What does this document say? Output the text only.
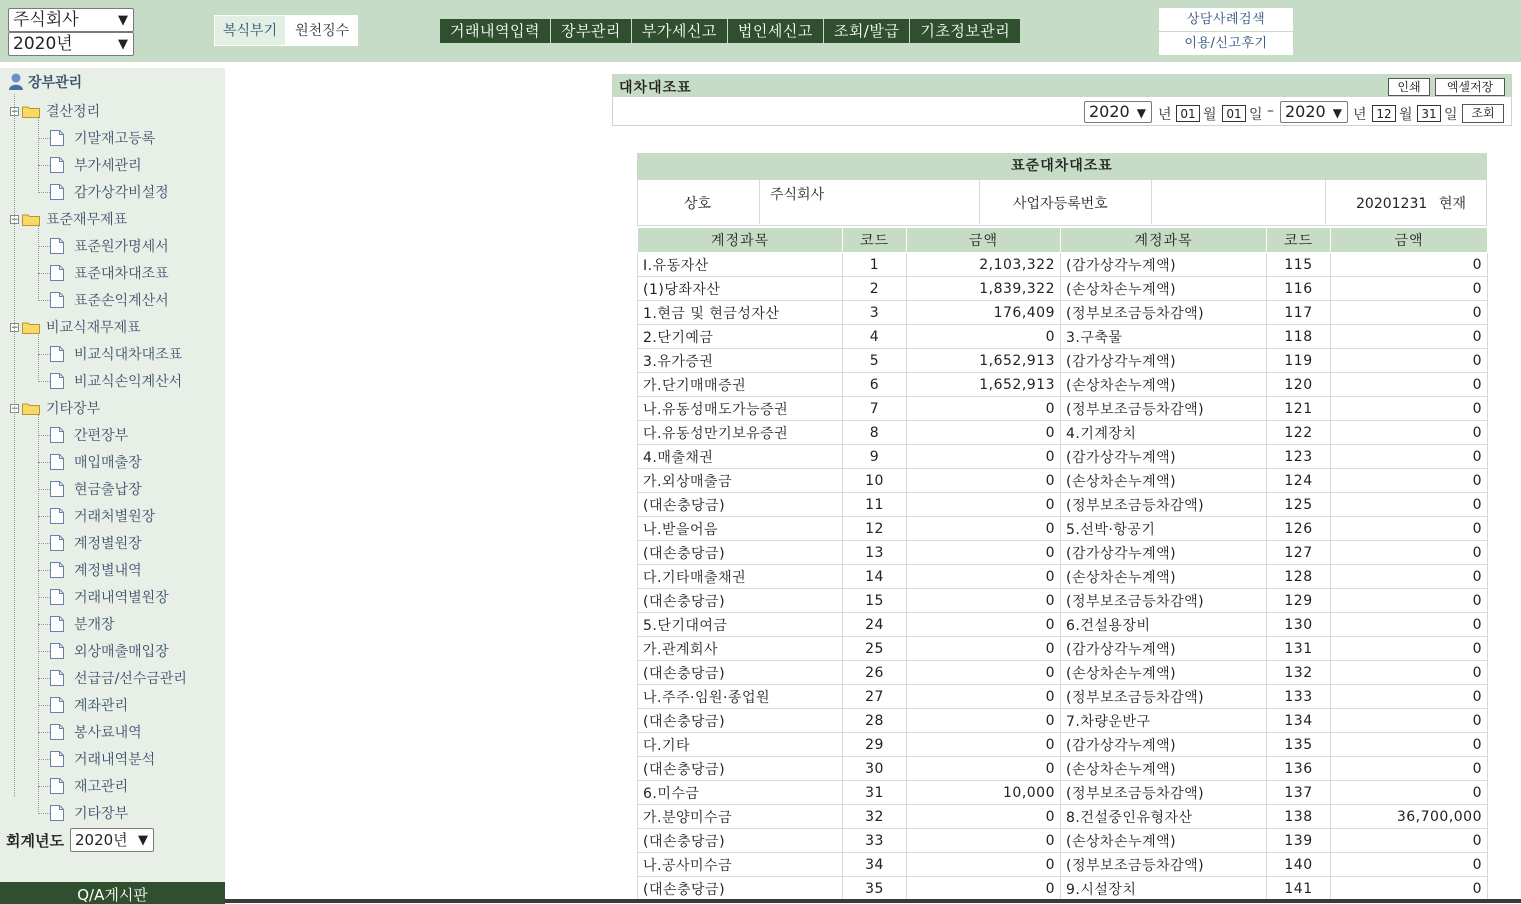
주식회사	▼
2020년	▼
복식부기	원천징수	거래내역입력	장부관리	부가세신고	법인세신고	조회/발급	기초정보관리
상담사례검색
이용/신고후기
장부관리
− 결산정리
기말재고등록
부가세관리
감가상각비설정
− 표준재무제표
표준원가명세서
표준대차대조표
표준손익계산서
− 비교식재무제표
비교식대차대조표
비교식손익계산서
− 기타장부
간편장부
매입매출장
현금출납장
거래처별원장
계정별원장
계정별내역
거래내역별원장
분개장
외상매출매입장
선급금/선수금관리
계좌관리
봉사료내역
거래내역분석
재고관리
기타장부
회계년도 2020년 ▼
Q/A게시판
대차대조표	인쇄	엑셀저장
2020 ▼ 년 01 월 01 일 – 2020 ▼ 년 12 월 31 일	조회
표준대차대조표
상호
주식회사
사업자등록번호	20201231 현재
계정과목	코드	금액	계정과목	코드	금액
Ⅰ.유동자산	1	2,103,322	(감가상각누계액)	115	0
(1)당좌자산	2	1,839,322	(손상차손누계액)	116	0
1.현금 및 현금성자산	3	176,409	(정부보조금등차감액)	117	0
2.단기예금	4	0	3.구축물	118	0
3.유가증권	5	1,652,913	(감가상각누계액)	119	0
가.단기매매증권	6	1,652,913	(손상차손누계액)	120	0
나.유동성매도가능증권	7	0	(정부보조금등차감액)	121	0
다.유동성만기보유증권	8	0	4.기계장치	122	0
4.매출채권	9	0	(감가상각누계액)	123	0
가.외상매출금	10	0	(손상차손누계액)	124	0
(대손충당금)	11	0	(정부보조금등차감액)	125	0
나.받을어음	12	0	5.선박·항공기	126	0
(대손충당금)	13	0	(감가상각누계액)	127	0
다.기타매출채권	14	0	(손상차손누계액)	128	0
(대손충당금)	15	0	(정부보조금등차감액)	129	0
5.단기대여금	24	0	6.건설용장비	130	0
가.관계회사	25	0	(감가상각누계액)	131	0
(대손충당금)	26	0	(손상차손누계액)	132	0
나.주주·임원·종업원	27	0	(정부보조금등차감액)	133	0
(대손충당금)	28	0	7.차량운반구	134	0
다.기타	29	0	(감가상각누계액)	135	0
(대손충당금)	30	0	(손상차손누계액)	136	0
6.미수금	31	10,000	(정부보조금등차감액)	137	0
가.분양미수금	32	0	8.건설중인유형자산	138	36,700,000
(대손충당금)	33	0	(손상차손누계액)	139	0
나.공사미수금	34	0	(정부보조금등차감액)	140	0
(대손충당금)	35	0	9.시설장치	141	0
